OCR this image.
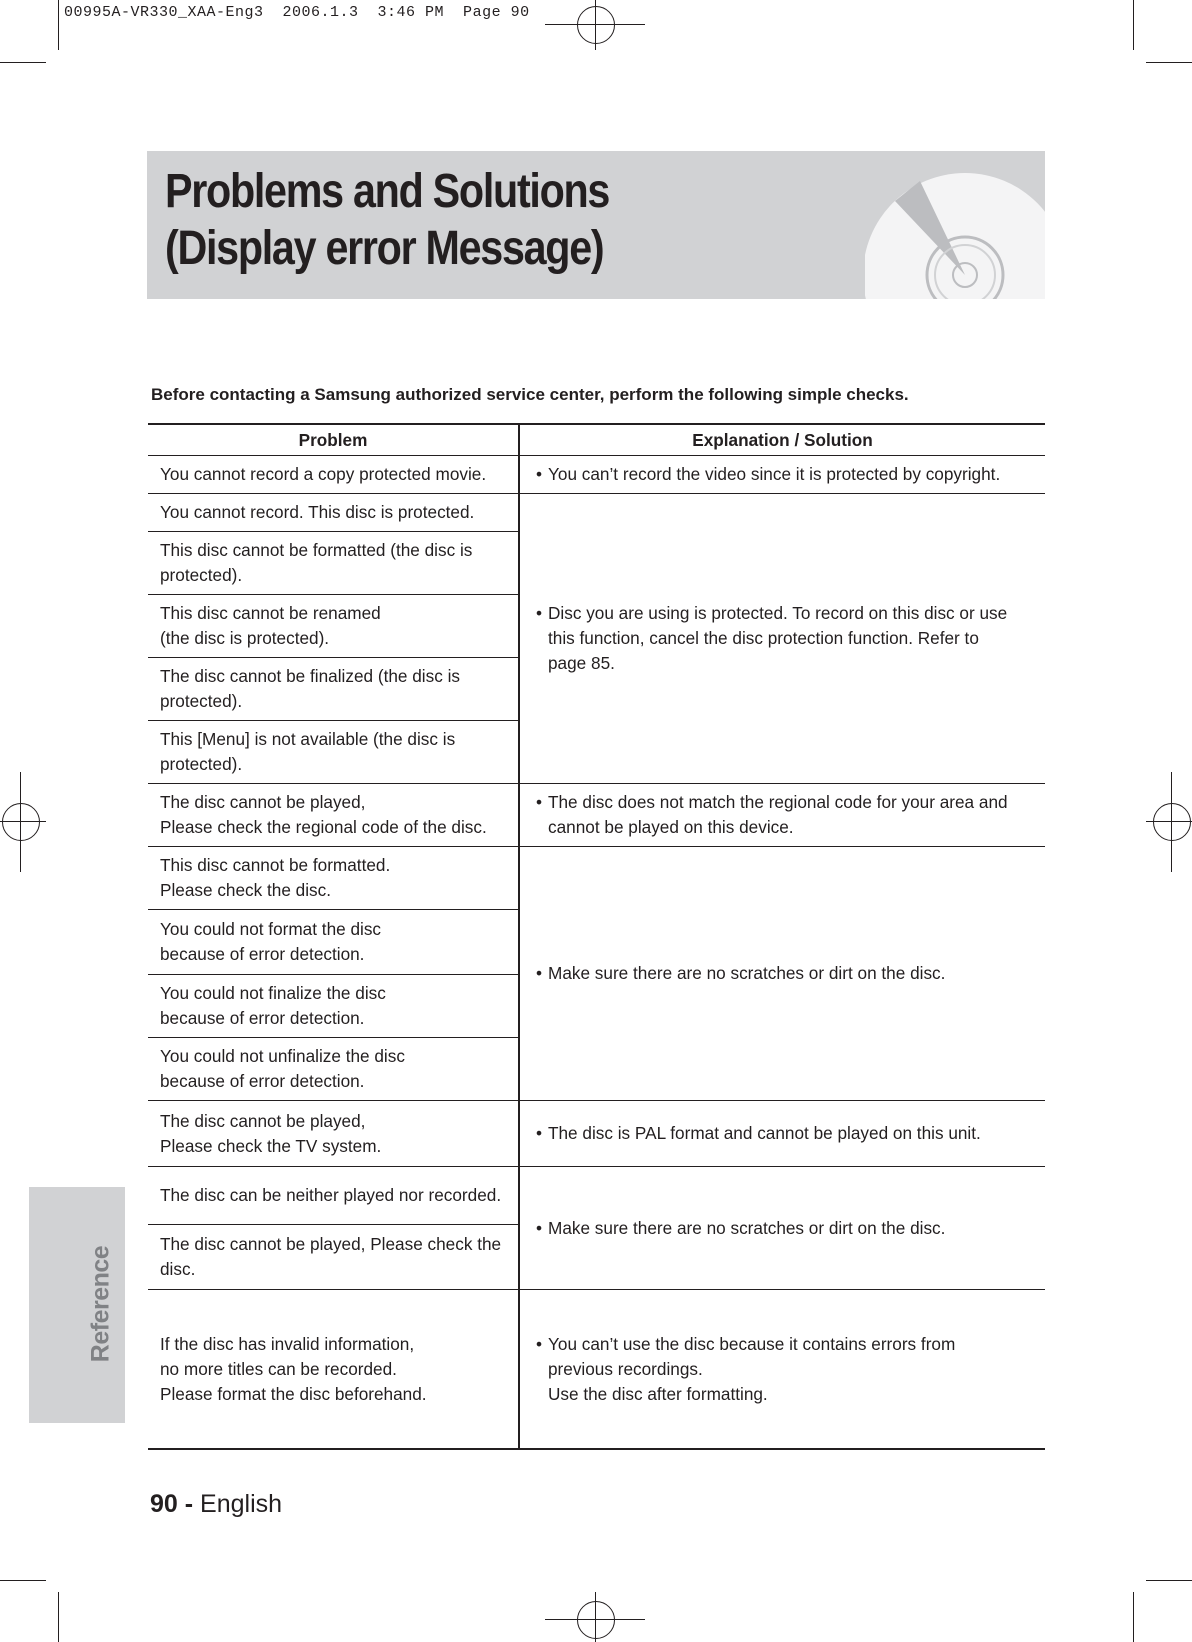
00995A-VR330_XAA-Eng3  2006.1.3  3:46 PM  Page 90
Problems and Solutions
(Display error Message)
Before contacting a Samsung authorized service center, perform the following simple checks.
Problem	Explanation / Solution

You cannot record a copy protected movie.	• You can’t record the video since it is protected by copyright.

You cannot record. This disc is protected.	• Disc you are using is protected. To record on this disc or use
this function, cancel the disc protection function. Refer to
page 85.

This disc cannot be formatted (the disc is
protected).	

This disc cannot be renamed
(the disc is protected).	

The disc cannot be finalized (the disc is
protected).	

This [Menu] is not available (the disc is
protected).	

The disc cannot be played,
Please check the regional code of the disc.	• The disc does not match the regional code for your area and
cannot be played on this device.

This disc cannot be formatted.
Please check the disc.	• Make sure there are no scratches or dirt on the disc.

You could not format the disc
because of error detection.	

You could not finalize the disc
because of error detection.	

You could not unfinalize the disc
because of error detection.	

The disc cannot be played,
Please check the TV system.	• The disc is PAL format and cannot be played on this unit.

The disc can be neither played nor recorded.	• Make sure there are no scratches or dirt on the disc.

The disc cannot be played, Please check the
disc.	

If the disc has invalid information,
no more titles can be recorded.
Please format the disc beforehand.	• You can’t use the disc because it contains errors from
previous recordings.
Use the disc after formatting.
Reference
90 - English
